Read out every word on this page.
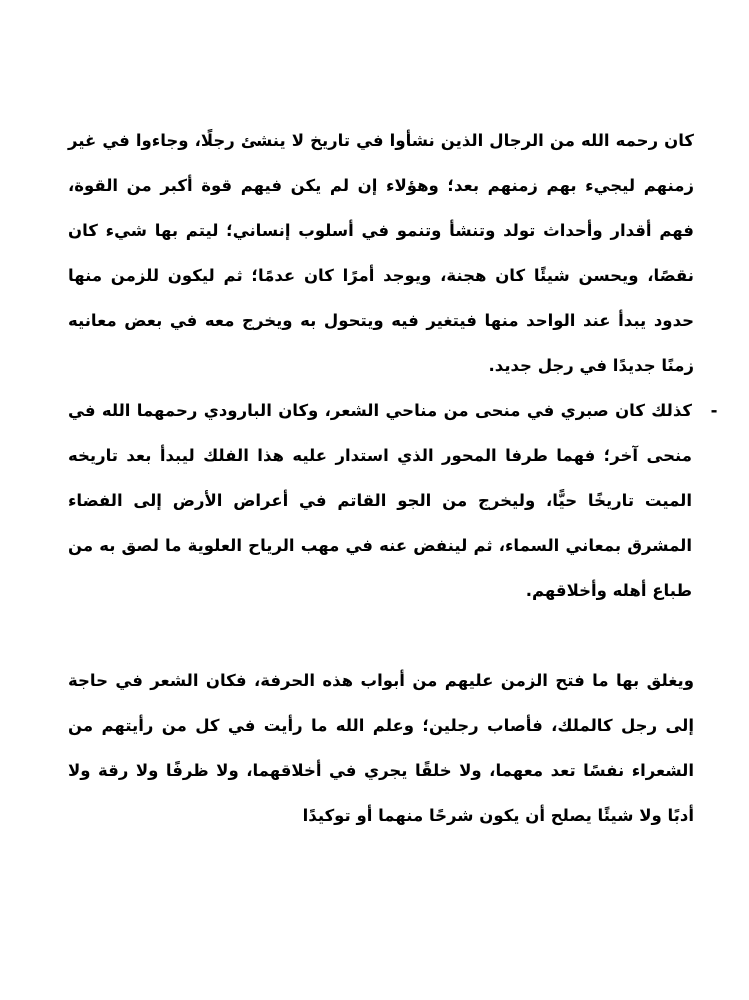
كان رحمه الله من الرجال الذين نشأوا في تاريخ لا ينشئ رجلًا، وجاءوا في غير زمنهم ليجيء بهم زمنهم بعد؛ وهؤلاء إن لم يكن فيهم قوة أكبر من القوة، فهم أقدار وأحداث تولد وتنشأ وتنمو في أسلوب إنساني؛ ليتم بها شيء كان نقصًا، ويحسن شيئًا كان هجنة، ويوجد أمرًا كان عدمًا؛ ثم ليكون للزمن منها حدود يبدأ عند الواحد منها فيتغير فيه ويتحول به ويخرج معه في بعض معانيه زمنًا جديدًا في رجل جديد.

-

كذلك كان صبري في منحى من مناحي الشعر، وكان البارودي رحمهما الله في منحى آخر؛ فهما طرفا المحور الذي استدار عليه هذا الفلك ليبدأ بعد تاريخه الميت تاريخًا حيًّا، وليخرج من الجو القاتم في أعراض الأرض إلى الفضاء المشرق بمعاني السماء، ثم لينفض عنه في مهب الرياح العلوية ما لصق به من طباع أهله وأخلاقهم.

ويغلق بها ما فتح الزمن عليهم من أبواب هذه الحرفة، فكان الشعر في حاجة إلى رجل كالملك، فأصاب رجلين؛ وعلم الله ما رأيت في كل من رأيتهم من الشعراء نفسًا تعد معهما، ولا خلقًا يجري في أخلاقهما، ولا ظرفًا ولا رقة ولا أدبًا ولا شيئًا يصلح أن يكون شرحًا منهما أو توكيدًا
